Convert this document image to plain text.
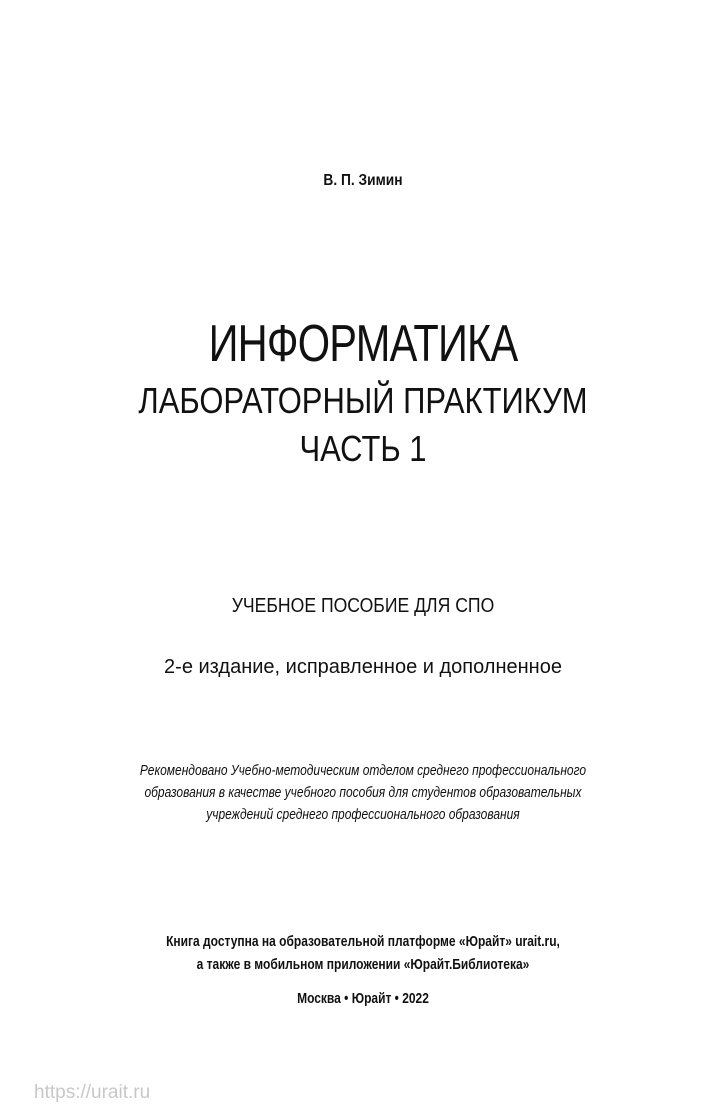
В. П. Зимин
ИНФОРМАТИКА
ЛАБОРАТОРНЫЙ ПРАКТИКУМ
ЧАСТЬ 1
УЧЕБНОЕ ПОСОБИЕ ДЛЯ СПО
2-е издание, исправленное и дополненное
Рекомендовано Учебно-методическим отделом среднего профессионального
образования в качестве учебного пособия для студентов образовательных
учреждений среднего профессионального образования
Книга доступна на образовательной платформе «Юрайт» urait.ru,
а также в мобильном приложении «Юрайт.Библиотека»
Москва • Юрайт • 2022
https://urait.ru
